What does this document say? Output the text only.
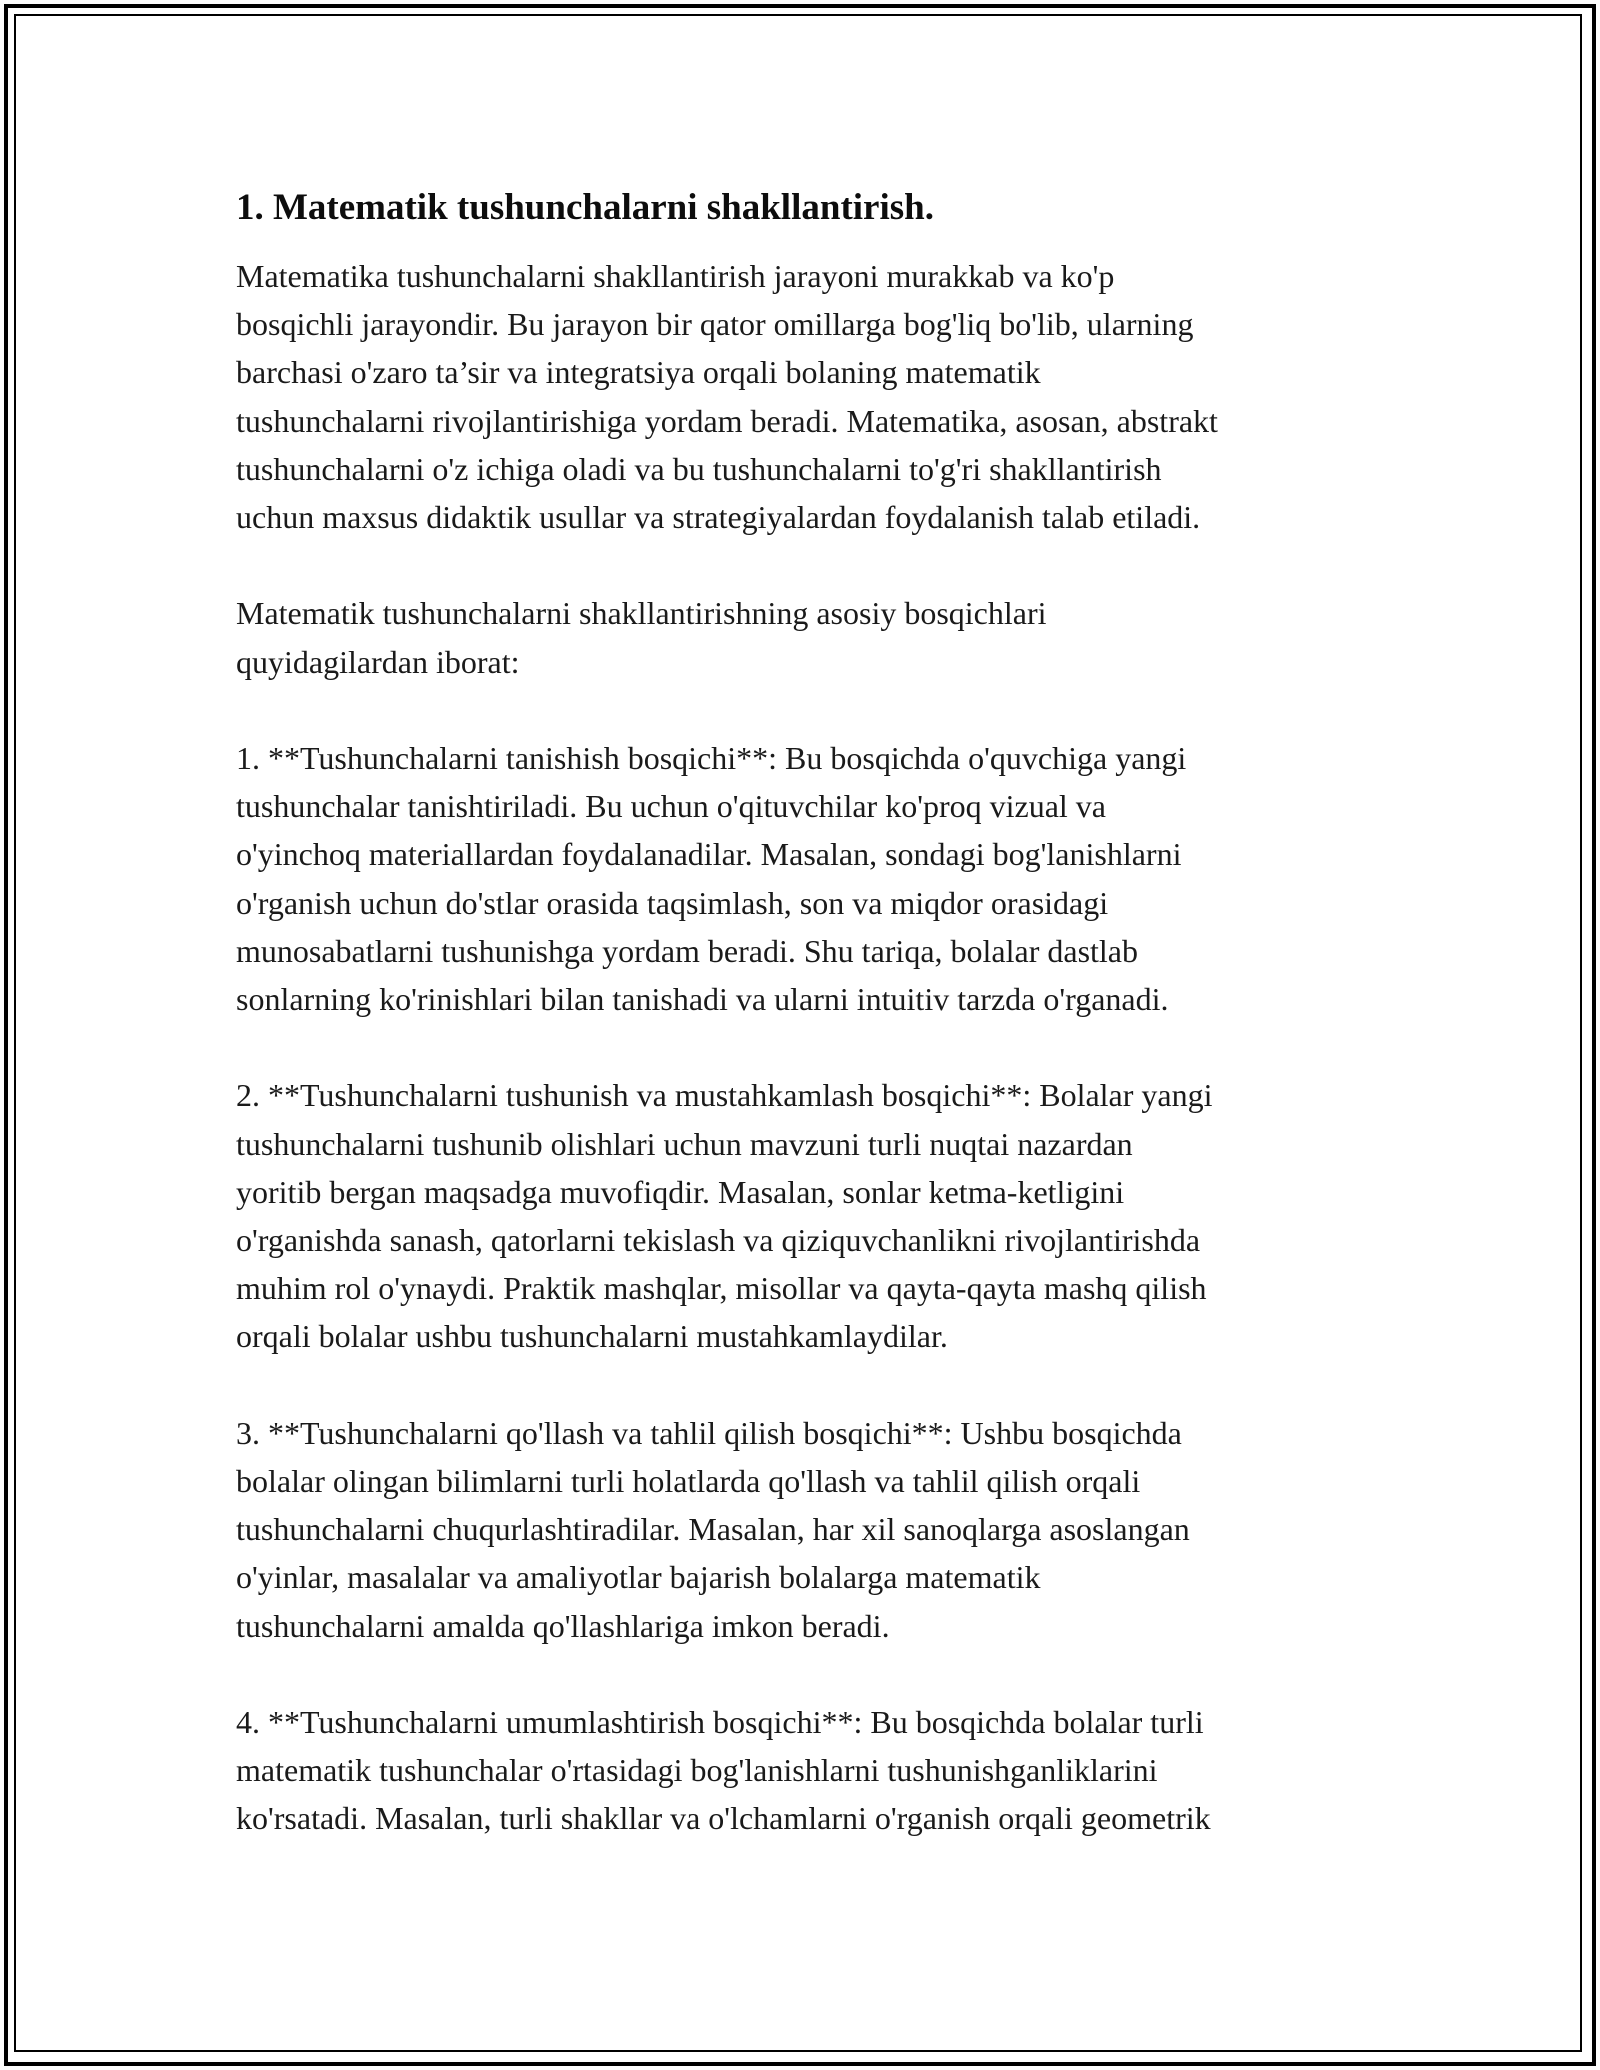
1. Matematik tushunchalarni shakllantirish.

Matematika tushunchalarni shakllantirish jarayoni murakkab va ko'p
bosqichli jarayondir. Bu jarayon bir qator omillarga bog'liq bo'lib, ularning
barchasi o'zaro ta’sir va integratsiya orqali bolaning matematik
tushunchalarni rivojlantirishiga yordam beradi. Matematika, asosan, abstrakt
tushunchalarni o'z ichiga oladi va bu tushunchalarni to'g'ri shakllantirish
uchun maxsus didaktik usullar va strategiyalardan foydalanish talab etiladi.

Matematik tushunchalarni shakllantirishning asosiy bosqichlari
quyidagilardan iborat:

1. **Tushunchalarni tanishish bosqichi**: Bu bosqichda o'quvchiga yangi
tushunchalar tanishtiriladi. Bu uchun o'qituvchilar ko'proq vizual va
o'yinchoq materiallardan foydalanadilar. Masalan, sondagi bog'lanishlarni
o'rganish uchun do'stlar orasida taqsimlash, son va miqdor orasidagi
munosabatlarni tushunishga yordam beradi. Shu tariqa, bolalar dastlab
sonlarning ko'rinishlari bilan tanishadi va ularni intuitiv tarzda o'rganadi.

2. **Tushunchalarni tushunish va mustahkamlash bosqichi**: Bolalar yangi
tushunchalarni tushunib olishlari uchun mavzuni turli nuqtai nazardan
yoritib bergan maqsadga muvofiqdir. Masalan, sonlar ketma-ketligini
o'rganishda sanash, qatorlarni tekislash va qiziquvchanlikni rivojlantirishda
muhim rol o'ynaydi. Praktik mashqlar, misollar va qayta-qayta mashq qilish
orqali bolalar ushbu tushunchalarni mustahkamlaydilar.

3. **Tushunchalarni qo'llash va tahlil qilish bosqichi**: Ushbu bosqichda
bolalar olingan bilimlarni turli holatlarda qo'llash va tahlil qilish orqali
tushunchalarni chuqurlashtiradilar. Masalan, har xil sanoqlarga asoslangan
o'yinlar, masalalar va amaliyotlar bajarish bolalarga matematik
tushunchalarni amalda qo'llashlariga imkon beradi.

4. **Tushunchalarni umumlashtirish bosqichi**: Bu bosqichda bolalar turli
matematik tushunchalar o'rtasidagi bog'lanishlarni tushunishganliklarini
ko'rsatadi. Masalan, turli shakllar va o'lchamlarni o'rganish orqali geometrik
